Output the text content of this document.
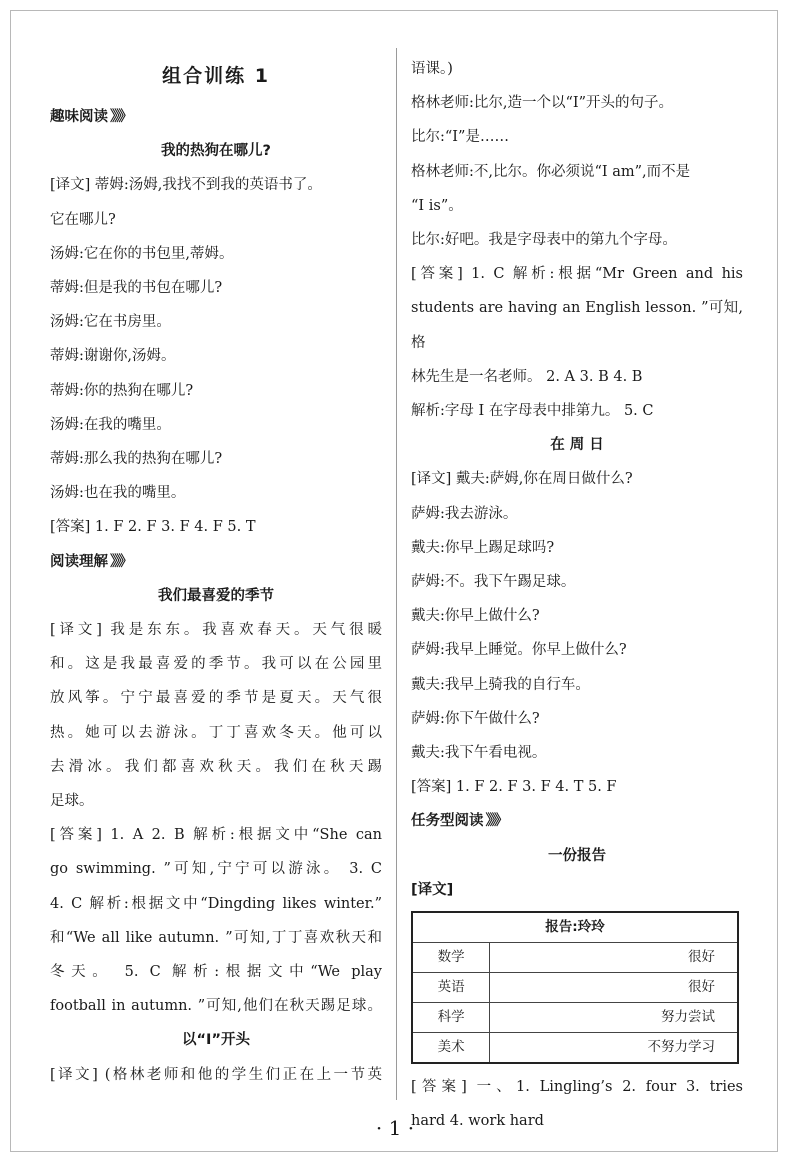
组合训练 1
趣味阅读 》》》
我的热狗在哪儿?
[译文] 蒂姆:汤姆,我找不到我的英语书了。
它在哪儿?
汤姆:它在你的书包里,蒂姆。
蒂姆:但是我的书包在哪儿?
汤姆:它在书房里。
蒂姆:谢谢你,汤姆。
蒂姆:你的热狗在哪儿?
汤姆:在我的嘴里。
蒂姆:那么我的热狗在哪儿?
汤姆:也在我的嘴里。
[答案] 1. F 2. F 3. F 4. F 5. T
阅读理解 》》》
我们最喜爱的季节
[译文] 我是东东。我喜欢春天。天气很暖
和。这是我最喜爱的季节。我可以在公园里
放风筝。宁宁最喜爱的季节是夏天。天气很
热。她可以去游泳。丁丁喜欢冬天。他可以
去滑冰。我们都喜欢秋天。我们在秋天踢
足球。
[答案] 1. A 2. B 解析:根据文中“She can
go swimming. ”可知,宁宁可以游泳。 3. C
4. C 解析:根据文中“Dingding likes winter.”
和“We all like autumn. ”可知,丁丁喜欢秋天和
冬天。 5. C 解析:根据文中“We play
football in autumn. ”可知,他们在秋天踢足球。
以“I”开头
[译文] (格林老师和他的学生们正在上一节英
语课。)
格林老师:比尔,造一个以“I”开头的句子。
比尔:“I”是……
格林老师:不,比尔。你必须说“I am”,而不是
“I is”。
比尔:好吧。我是字母表中的第九个字母。
[答案] 1. C 解析:根据“Mr Green and his
students are having an English lesson. ”可知,格
林先生是一名老师。 2. A 3. B 4. B
解析:字母 I 在字母表中排第九。 5. C
在 周 日
[译文] 戴夫:萨姆,你在周日做什么?
萨姆:我去游泳。
戴夫:你早上踢足球吗?
萨姆:不。我下午踢足球。
戴夫:你早上做什么?
萨姆:我早上睡觉。你早上做什么?
戴夫:我早上骑我的自行车。
萨姆:你下午做什么?
戴夫:我下午看电视。
[答案] 1. F 2. F 3. F 4. T 5. F
任务型阅读 》》》
一份报告
[译文]
报告:玲玲	
数学	很好
英语	很好
科学	努力尝试
美术	不努力学习
[答案] 一、1. Lingling’s 2. four 3. tries
hard 4. work hard
· 1 ·
